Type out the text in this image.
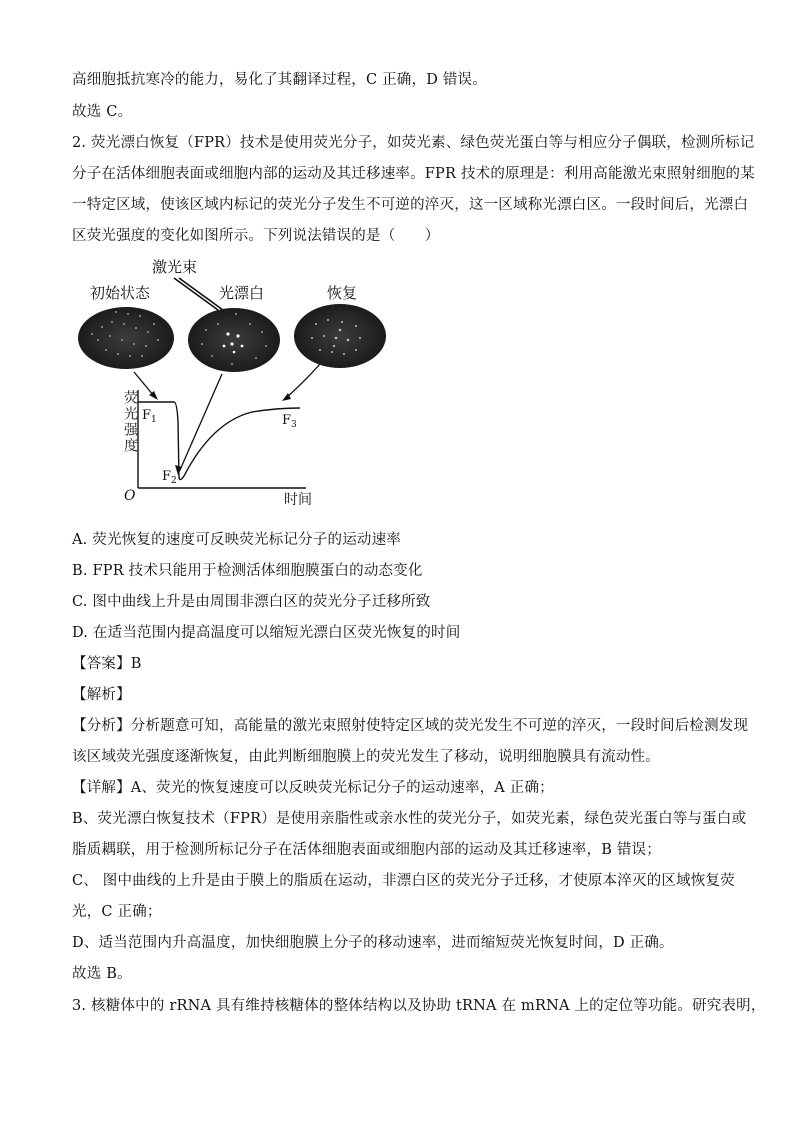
高细胞抵抗寒冷的能力，易化了其翻译过程，C 正确，D 错误。
故选 C。
2. 荧光漂白恢复（FPR）技术是使用荧光分子，如荧光素、绿色荧光蛋白等与相应分子偶联，检测所标记
分子在活体细胞表面或细胞内部的运动及其迁移速率。FPR 技术的原理是：利用高能激光束照射细胞的某
一特定区域，使该区域内标记的荧光分子发生不可逆的淬灭，这一区域称光漂白区。一段时间后，光漂白
区荧光强度的变化如图所示。下列说法错误的是（　　）
激光束
初始状态	光漂白	恢复
荧光强度
O	时间
$F_1$
$F_2$
$F_3$
A. 荧光恢复的速度可反映荧光标记分子的运动速率
B. FPR 技术只能用于检测活体细胞膜蛋白的动态变化
C. 图中曲线上升是由周围非漂白区的荧光分子迁移所致
D. 在适当范围内提高温度可以缩短光漂白区荧光恢复的时间
【答案】B
【解析】
【分析】分析题意可知，高能量的激光束照射使特定区域的荧光发生不可逆的淬灭，一段时间后检测发现
该区域荧光强度逐渐恢复，由此判断细胞膜上的荧光发生了移动，说明细胞膜具有流动性。
【详解】A、荧光的恢复速度可以反映荧光标记分子的运动速率，A 正确；
B、荧光漂白恢复技术（FPR）是使用亲脂性或亲水性的荧光分子，如荧光素，绿色荧光蛋白等与蛋白或
脂质耦联，用于检测所标记分子在活体细胞表面或细胞内部的运动及其迁移速率，B 错误；
C、 图中曲线的上升是由于膜上的脂质在运动，非漂白区的荧光分子迁移，才使原本淬灭的区域恢复荧
光，C 正确；
D、适当范围内升高温度，加快细胞膜上分子的移动速率，进而缩短荧光恢复时间，D 正确。
故选 B。
3. 核糖体中的 rRNA 具有维持核糖体的整体结构以及协助 tRNA 在 mRNA 上的定位等功能。研究表明，
